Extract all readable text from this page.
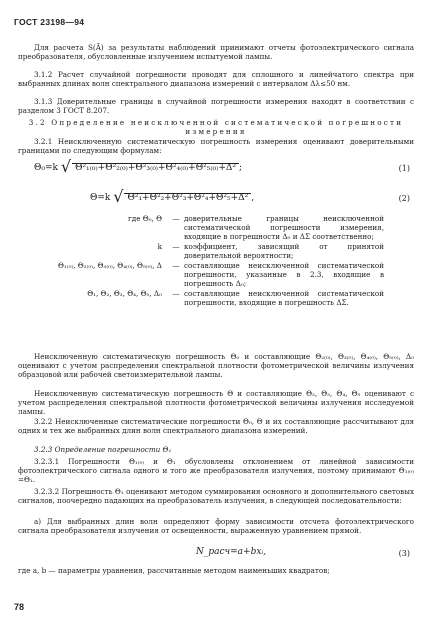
ГОСТ 23198—94
Для расчета S(Ā) за результаты наблюдений принимают отчеты фотоэлектрического сигнала преобразователя, обусловленные излучением испытуемой лампы.
3.1.2 Расчет случайной погрешности проводят для сплошного и линейчатого спектра при выбранных длинах волн спектрального диапазона измерений с интервалом Δλ≤50 нм.
3.1.3 Доверительные границы в случайной погрешности измерения находят в соответствии с разделом 3 ГОСТ 8.207.
3.2 Определение неисключенной систематической погрешности измерения
3.2.1 Неисключенную систематическую погрешность измерения оценивают доверительными границами по следующим формулам:
Θ₀=k √ Θ²₁₍₀₎+Θ²₂₍₀₎+Θ²₃₍₀₎+Θ²₄₍₀₎+Θ²₅₍₀₎+Δ² ;	(1)
Θ=k √ Θ²₁+Θ²₂+Θ²₃+Θ²₄+Θ²₅+Δ² ,	(2)
где Θ₀, Θ	— доверительные границы неисключенной систематической погрешности измерения, входящие в погрешности Δ₀ и ΔΣ соответственно;
k	— коэффициент, зависящий от принятой доверительной вероятности;
Θ₁₍₀₎, Θ₂₍₀₎, Θ₃₍₀₎, Θ₄₍₀₎, Θ₅₍₀₎, Δ	— составляющие неисключенной систематической погрешности, указанные в 2.3, входящие в погрешность Δ₀;
Θ₁, Θ₂, Θ₃, Θ₄, Θ₅, Δ₀	— составляющие неисключенной систематической погрешности, входящие в погрешность ΔΣ.
Неисключенную систематическую погрешность Θ₀ и составляющие Θ₂₍₀₎, Θ₃₍₀₎, Θ₄₍₀₎, Θ₅₍₀₎, Δ₀ оценивают с учетом распределения спектральной плотности фотометрической величины излучения образцовой или рабочей светоизмерительной лампы.
Неисключенную систематическую погрешность Θ и составляющие Θ₂, Θ₃, Θ₄, Θ₅ оценивают с учетом распределения спектральной плотности фотометрической величины излучения исследуемой лампы.
3.2.2 Неисключенные систематические погрешности Θ₀, Θ и их составляющие рассчитывают для одних и тех же выбранных длин волн спектрального диапазона измерений.
3.2.3 Определение погрешности Θ₁
3.2.3.1 Погрешности Θ₁₍₀₎ и Θ₁ обусловлены отклонением от линейной зависимости фотоэлектрического сигнала одного и того же преобразователя излучения, поэтому принимают Θ₁₍₀₎=Θ₁.
3.2.3.2 Погрешность Θ₁ оценивают методом суммирования основного и дополнительного световых сигналов, поочередно падающих на преобразователь излучения, в следующей последовательности:
а) Для выбранных длин волн определяют форму зависимости отсчета фотоэлектрического сигнала преобразователя излучения от освещенности, выраженную уравнением прямой.
N_расч=a+bxᵢ,	(3)
где a, b — параметры уравнения, рассчитанные методом наименьших квадратов;
78
